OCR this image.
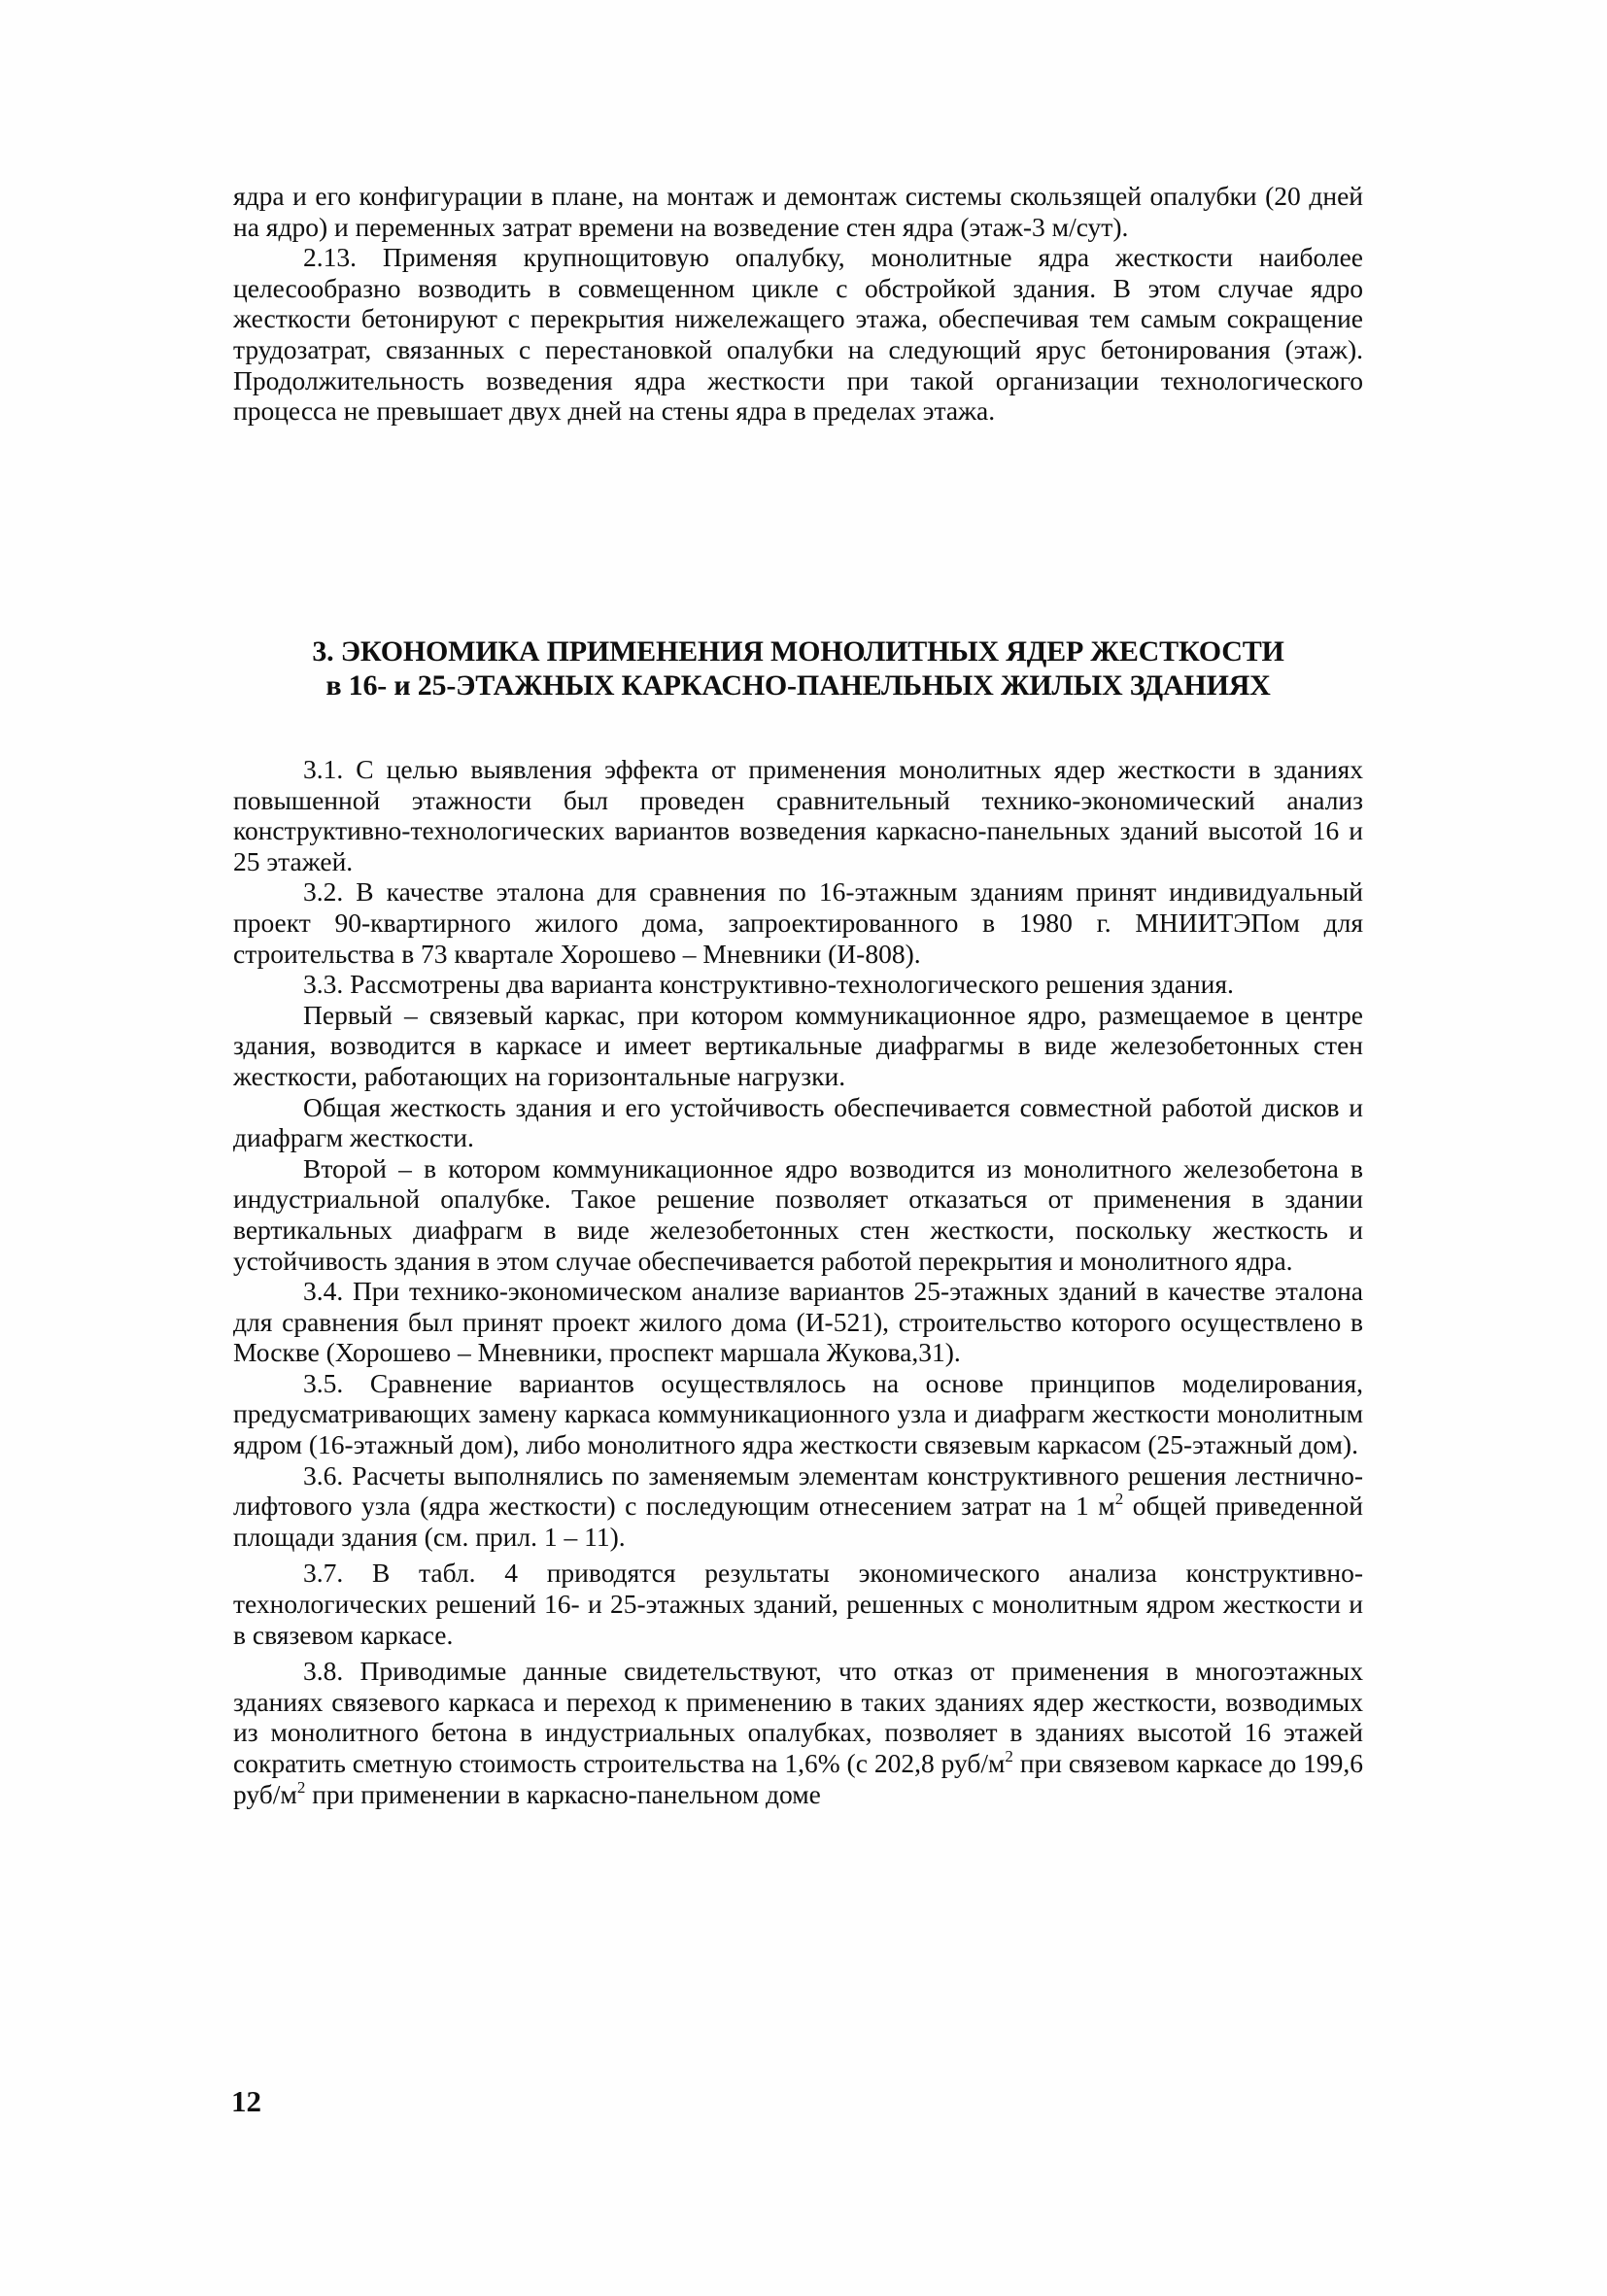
ядра и его конфигурации в плане, на монтаж и демонтаж системы скользящей опалубки (20 дней на ядро) и переменных затрат времени на возведение стен ядра (этаж-3 м/сут).

2.13. Применяя крупнощитовую опалубку, монолитные ядра жесткости наиболее целесообразно возводить в совмещенном цикле с обстройкой здания. В этом случае ядро жесткости бетонируют с перекрытия нижележащего этажа, обеспечивая тем самым сокращение трудозатрат, связанных с перестановкой опалубки на следующий ярус бетонирования (этаж). Продолжительность возведения ядра жесткости при такой организации технологического процесса не превышает двух дней на стены ядра в пределах этажа.

3. ЭКОНОМИКА ПРИМЕНЕНИЯ МОНОЛИТНЫХ ЯДЕР ЖЕСТКОСТИ
в 16- и 25-ЭТАЖНЫХ КАРКАСНО-ПАНЕЛЬНЫХ ЖИЛЫХ ЗДАНИЯХ

3.1. С целью выявления эффекта от применения монолитных ядер жесткости в зданиях повышенной этажности был проведен сравнительный технико-экономический анализ конструктивно-технологических вариантов возведения каркасно-панельных зданий высотой 16 и 25 этажей.

3.2. В качестве эталона для сравнения по 16-этажным зданиям принят индивидуальный проект 90-квартирного жилого дома, запроектированного в 1980 г. МНИИТЭПом для строительства в 73 квартале Хорошево – Мневники (И-808).

3.3. Рассмотрены два варианта конструктивно-технологического решения здания.

Первый – связевый каркас, при котором коммуникационное ядро, размещаемое в центре здания, возводится в каркасе и имеет вертикальные диафрагмы в виде железобетонных стен жесткости, работающих на горизонтальные нагрузки.

Общая жесткость здания и его устойчивость обеспечивается совместной работой дисков и диафрагм жесткости.

Второй – в котором коммуникационное ядро возводится из монолитного железобетона в индустриальной опалубке. Такое решение позволяет отказаться от применения в здании вертикальных диафрагм в виде железобетонных стен жесткости, поскольку жесткость и устойчивость здания в этом случае обеспечивается работой перекрытия и монолитного ядра.

3.4. При технико-экономическом анализе вариантов 25-этажных зданий в качестве эталона для сравнения был принят проект жилого дома (И-521), строительство которого осуществлено в Москве (Хорошево – Мневники, проспект маршала Жукова,31).

3.5. Сравнение вариантов осуществлялось на основе принципов моделирования, предусматривающих замену каркаса коммуникационного узла и диафрагм жесткости монолитным ядром (16-этажный дом), либо монолитного ядра жесткости связевым каркасом (25-этажный дом).

3.6. Расчеты выполнялись по заменяемым элементам конструктивного решения лестнично-лифтового узла (ядра жесткости) с последующим отнесением затрат на 1 $м^2$ общей приведенной площади здания (см. прил. 1 – 11).

3.7. В табл. 4 приводятся результаты экономического анализа конструктивно-технологических решений 16- и 25-этажных зданий, решенных с монолитным ядром жесткости и в связевом каркасе.

3.8. Приводимые данные свидетельствуют, что отказ от применения в многоэтажных зданиях связевого каркаса и переход к применению в таких зданиях ядер жесткости, возводимых из монолитного бетона в индустриальных опалубках, позволяет в зданиях высотой 16 этажей сократить сметную стоимость строительства на 1,6% (с 202,8 руб/$м^2$ при связевом каркасе до 199,6 руб/$м^2$ при применении в каркасно-панельном доме

12
